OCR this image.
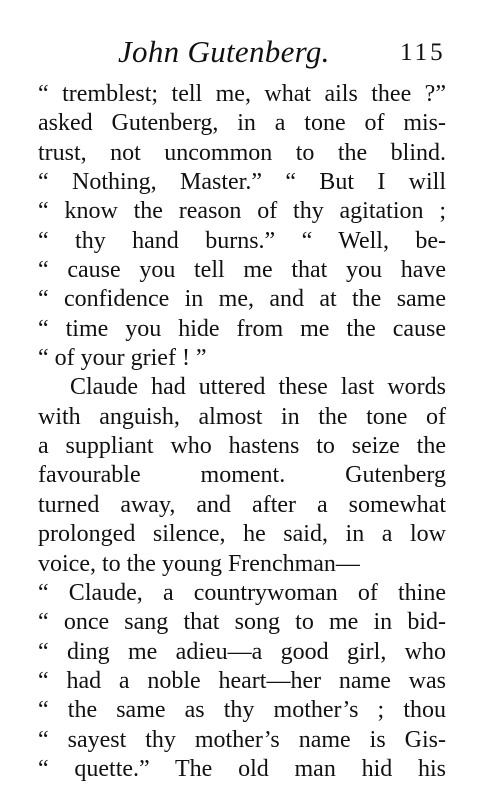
John Gutenberg.	115
“ tremblest; tell me, what ails thee ?”
asked Gutenberg, in a tone of mis-
trust, not uncommon to the blind.
“ Nothing, Master.” “ But I will
“ know the reason of thy agitation ;
“ thy hand burns.” “ Well, be-
“ cause you tell me that you have
“ confidence in me, and at the same
“ time you hide from me the cause
“ of your grief ! ”
Claude had uttered these last words
with anguish, almost in the tone of
a suppliant who hastens to seize the
favourable moment. Gutenberg
turned away, and after a somewhat
prolonged silence, he said, in a low
voice, to the young Frenchman—
“ Claude, a countrywoman of thine
“ once sang that song to me in bid-
“ ding me adieu—a good girl, who
“ had a noble heart—her name was
“ the same as thy mother’s ; thou
“ sayest thy mother’s name is Gis-
“ quette.” The old man hid his
